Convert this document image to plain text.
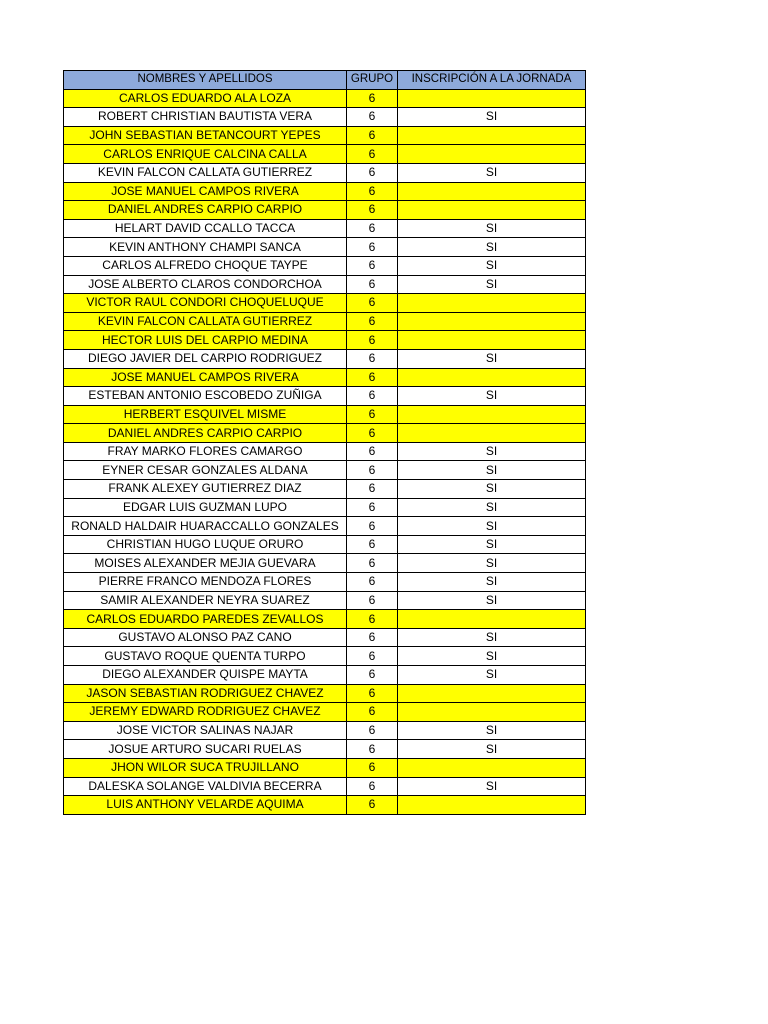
NOMBRES Y APELLIDOS	GRUPO	INSCRIPCIÓN A LA JORNADA
CARLOS EDUARDO ALA LOZA	6	
ROBERT CHRISTIAN BAUTISTA VERA	6	SI
JOHN SEBASTIAN BETANCOURT YEPES	6	
CARLOS ENRIQUE CALCINA CALLA	6	
KEVIN FALCON CALLATA GUTIERREZ	6	SI
JOSE MANUEL CAMPOS RIVERA	6	
DANIEL ANDRES CARPIO CARPIO	6	
HELART DAVID CCALLO TACCA	6	SI
KEVIN ANTHONY CHAMPI SANCA	6	SI
CARLOS ALFREDO CHOQUE TAYPE	6	SI
JOSE ALBERTO CLAROS CONDORCHOA	6	SI
VICTOR RAUL CONDORI CHOQUELUQUE	6	
KEVIN FALCON CALLATA GUTIERREZ	6	
HECTOR LUIS DEL CARPIO MEDINA	6	
DIEGO JAVIER DEL CARPIO RODRIGUEZ	6	SI
JOSE MANUEL CAMPOS RIVERA	6	
ESTEBAN ANTONIO ESCOBEDO ZUÑIGA	6	SI
HERBERT ESQUIVEL MISME	6	
DANIEL ANDRES CARPIO CARPIO	6	
FRAY MARKO FLORES CAMARGO	6	SI
EYNER CESAR GONZALES ALDANA	6	SI
FRANK ALEXEY GUTIERREZ DIAZ	6	SI
EDGAR LUIS GUZMAN LUPO	6	SI
RONALD HALDAIR HUARACCALLO GONZALES	6	SI
CHRISTIAN HUGO LUQUE ORURO	6	SI
MOISES ALEXANDER MEJIA GUEVARA	6	SI
PIERRE FRANCO MENDOZA FLORES	6	SI
SAMIR ALEXANDER NEYRA SUAREZ	6	SI
CARLOS EDUARDO PAREDES ZEVALLOS	6	
GUSTAVO ALONSO PAZ CANO	6	SI
GUSTAVO ROQUE QUENTA TURPO	6	SI
DIEGO ALEXANDER QUISPE MAYTA	6	SI
JASON SEBASTIAN RODRIGUEZ CHAVEZ	6	
JEREMY EDWARD RODRIGUEZ CHAVEZ	6	
JOSE VICTOR SALINAS NAJAR	6	SI
JOSUE ARTURO SUCARI RUELAS	6	SI
JHON WILOR SUCA TRUJILLANO	6	
DALESKA SOLANGE VALDIVIA BECERRA	6	SI
LUIS ANTHONY VELARDE AQUIMA	6	
